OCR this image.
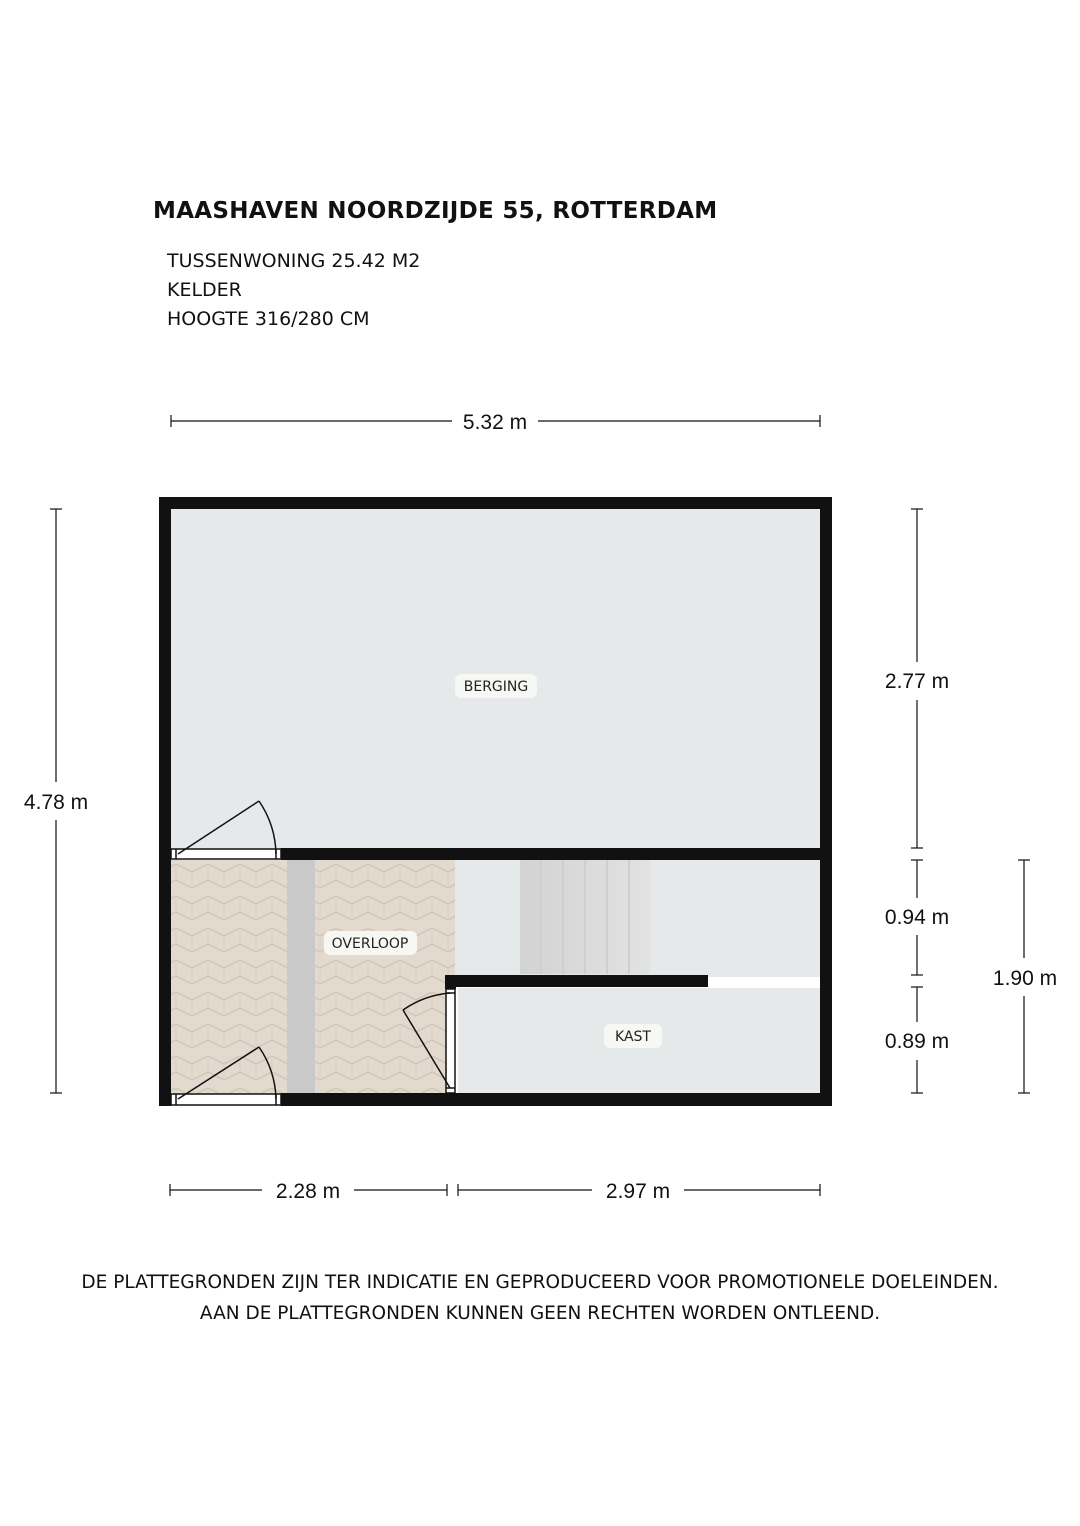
MAASHAVEN NOORDZIJDE 55, ROTTERDAM
TUSSENWONING 25.42 M2
KELDER
HOOGTE 316/280 CM
BERGING
OVERLOOP
KAST
5.32 m
4.78 m
2.77 m
0.94 m
0.89 m
1.90 m
2.28 m	2.97 m
DE PLATTEGRONDEN ZIJN TER INDICATIE EN GEPRODUCEERD VOOR PROMOTIONELE DOELEINDEN.
AAN DE PLATTEGRONDEN KUNNEN GEEN RECHTEN WORDEN ONTLEEND.
